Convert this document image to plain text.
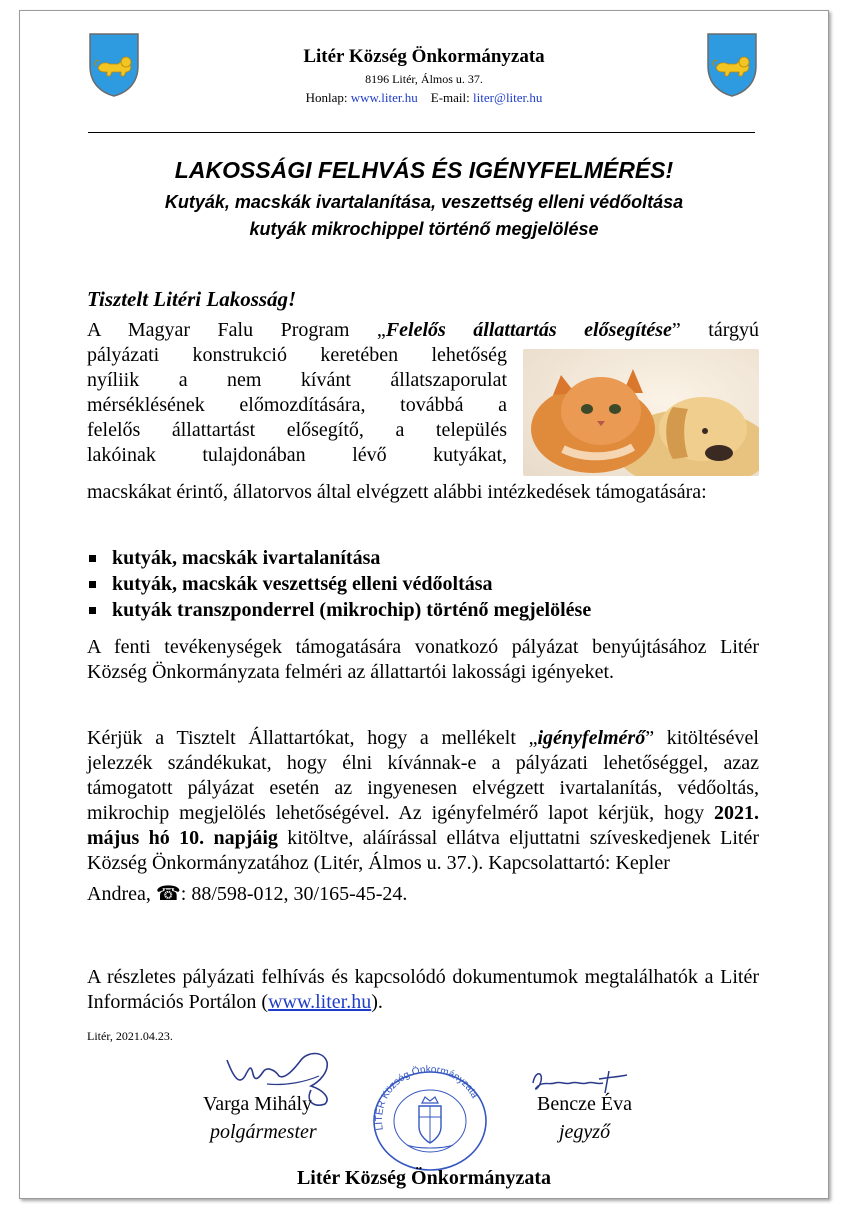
Litér Község Önkormányzata
8196 Litér, Álmos u. 37.
Honlap: www.liter.hu E-mail: liter@liter.hu
LAKOSSÁGI FELHVÁS ÉS IGÉNYFELMÉRÉS!
Kutyák, macskák ivartalanítása, veszettség elleni védőoltása
kutyák mikrochippel történő megjelölése
Tisztelt Litéri Lakosság!
A Magyar Falu Program „Felelős állattartás elősegítése” tárgyú
pályázati konstrukció keretében lehetőség
nyíliik a nem kívánt állatszaporulat
mérséklésének előmozdítására, továbbá a
felelős állattartást elősegítő, a település
lakóinak tulajdonában lévő kutyákat,
macskákat érintő, állatorvos által elvégzett alábbi intézkedések támogatására:
kutyák, macskák ivartalanítása
kutyák, macskák veszettség elleni védőoltása
kutyák transzponderrel (mikrochip) történő megjelölése
A fenti tevékenységek támogatására vonatkozó pályázat benyújtásához Litér Község Önkormányzata felméri az állattartói lakossági igényeket.
Kérjük a Tisztelt Állattartókat, hogy a mellékelt „igényfelmérő” kitöltésével jelezzék szándékukat, hogy élni kívánnak-e a pályázati lehetőséggel, azaz támogatott pályázat esetén az ingyenesen elvégzett ivartalanítás, védőoltás, mikrochip megjelölés lehetőségével. Az igényfelmérő lapot kérjük, hogy 2021. május hó 10. napjáig kitöltve, aláírással ellátva eljuttatni szíveskedjenek Litér Község Önkormányzatához (Litér, Álmos u. 37.). Kapcsolattartó: Kepler
Andrea, ☎: 88/598-012, 30/165-45-24.
A részletes pályázati felhívás és kapcsolódó dokumentumok megtalálhatók a Litér Információs Portálon (www.liter.hu).
Litér, 2021.04.23.
Varga Mihály
polgármester	LITÉR Község Önkormányzata	Bencze Éva
jegyző
Litér Község Önkormányzata
